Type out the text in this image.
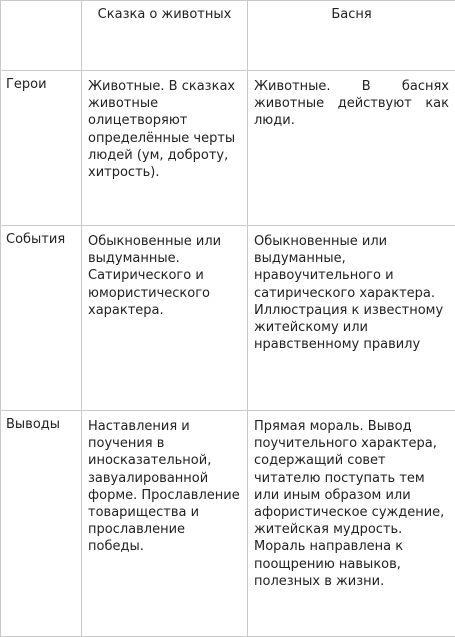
	Сказка о животных	Басня
Герои	Животные. В сказках животные олицетворяют определённые черты людей (ум, доброту, хитрость).	Животные. В баснях животные действуют как люди.
События	Обыкновенные или выдуманные. Сатирического и юмористического характера.	Обыкновенные или выдуманные, нравоучительного и сатирического характера. Иллюстрация к известному житейскому или нравственному правилу
Выводы	Наставления и поучения в иносказательной, завуалированной форме. Прославление товарищества и прославление победы.	Прямая мораль. Вывод поучительного характера, содержащий совет читателю поступать тем или иным образом или афористическое суждение, житейская мудрость. Мораль направлена к поощрению навыков, полезных в жизни.
